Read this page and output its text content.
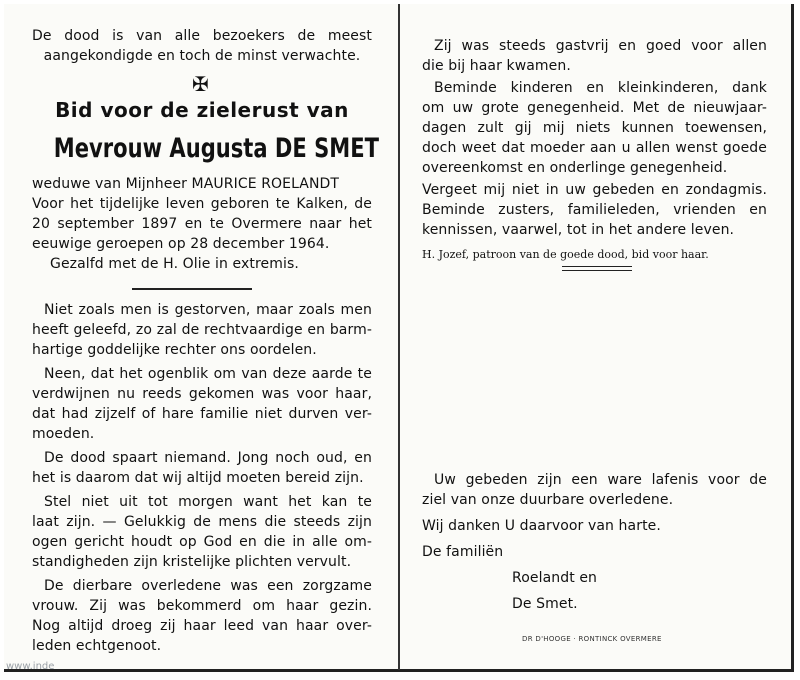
De dood is van alle bezoekers de meest

aangekondigde en toch de minst verwachte.

✠
Bid voor de zielerust van
Mevrouw Augusta DE SMET

weduwe van Mijnheer MAURICE ROELANDT

Voor het tijdelijke leven geboren te Kalken, de

20 september 1897 en te Overmere naar het

eeuwige geroepen op 28 december 1964.

Gezalfd met de H. Olie in extremis.

Niet zoals men is gestorven, maar zoals men

heeft geleefd, zo zal de rechtvaardige en barm-

hartige goddelijke rechter ons oordelen.

Neen, dat het ogenblik om van deze aarde te

verdwijnen nu reeds gekomen was voor haar,

dat had zijzelf of hare familie niet durven ver-

moeden.

De dood spaart niemand. Jong noch oud, en

het is daarom dat wij altijd moeten bereid zijn.

Stel niet uit tot morgen want het kan te

laat zijn. — Gelukkig de mens die steeds zijn

ogen gericht houdt op God en die in alle om-

standigheden zijn kristelijke plichten vervult.

De dierbare overledene was een zorgzame

vrouw. Zij was bekommerd om haar gezin.

Nog altijd droeg zij haar leed van haar over-

leden echtgenoot.

Zij was steeds gastvrij en goed voor allen

die bij haar kwamen.

Beminde kinderen en kleinkinderen, dank

om uw grote genegenheid. Met de nieuwjaar-

dagen zult gij mij niets kunnen toewensen,

doch weet dat moeder aan u allen wenst goede

overeenkomst en onderlinge genegenheid.

Vergeet mij niet in uw gebeden en zondagmis.

Beminde zusters, familieleden, vrienden en

kennissen, vaarwel, tot in het andere leven.

H. Jozef, patroon van de goede dood, bid voor haar.

Uw gebeden zijn een ware lafenis voor de

ziel van onze duurbare overledene.

Wij danken U daarvoor van harte.

De familiën

Roelandt en

De Smet.

DR D'HOOGE · RONTINCK OVERMERE
www.inde
